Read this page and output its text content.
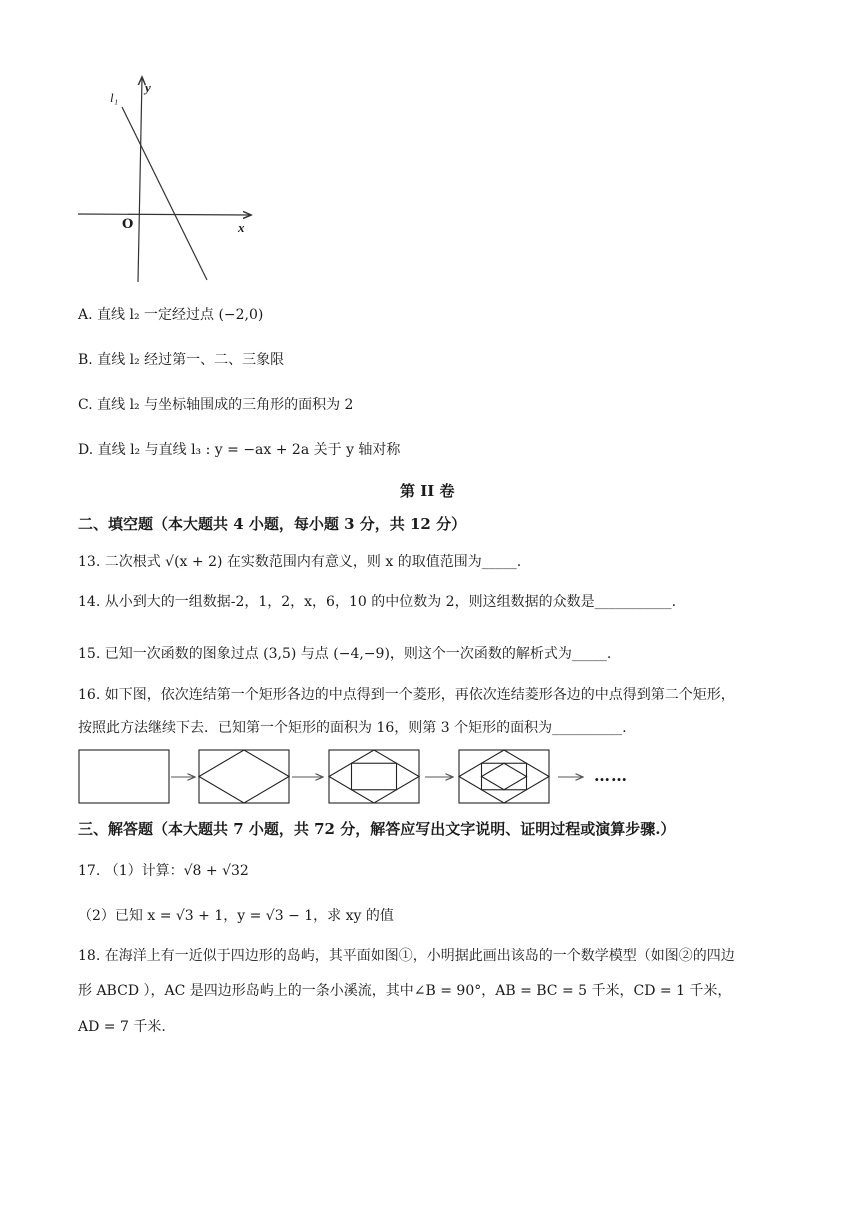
y
x
O
l₁
A. 直线 l₂ 一定经过点 (−2,0)
B. 直线 l₂ 经过第一、二、三象限
C. 直线 l₂ 与坐标轴围成的三角形的面积为 2
D. 直线 l₂ 与直线 l₃ : y = −ax + 2a 关于 y 轴对称
第 II 卷
二、填空题（本大题共 4 小题，每小题 3 分，共 12 分）
13. 二次根式 √(x + 2) 在实数范围内有意义，则 x 的取值范围为_____.
14. 从小到大的一组数据-2，1，2，x，6，10 的中位数为 2，则这组数据的众数是___________.
15. 已知一次函数的图象过点 (3,5) 与点 (−4,−9)，则这个一次函数的解析式为_____.
16. 如下图，依次连结第一个矩形各边的中点得到一个菱形，再依次连结菱形各边的中点得到第二个矩形，
按照此方法继续下去．已知第一个矩形的面积为 16，则第 3 个矩形的面积为__________.
……
三、解答题（本大题共 7 小题，共 72 分，解答应写出文字说明、证明过程或演算步骤.）
17. （1）计算：√8 + √32
（2）已知 x = √3 + 1，y = √3 − 1，求 xy 的值
18. 在海洋上有一近似于四边形的岛屿，其平面如图①，小明据此画出该岛的一个数学模型（如图②的四边
形 ABCD ），AC 是四边形岛屿上的一条小溪流，其中∠B = 90°，AB = BC = 5 千米，CD = 1 千米，
AD = 7 千米.
